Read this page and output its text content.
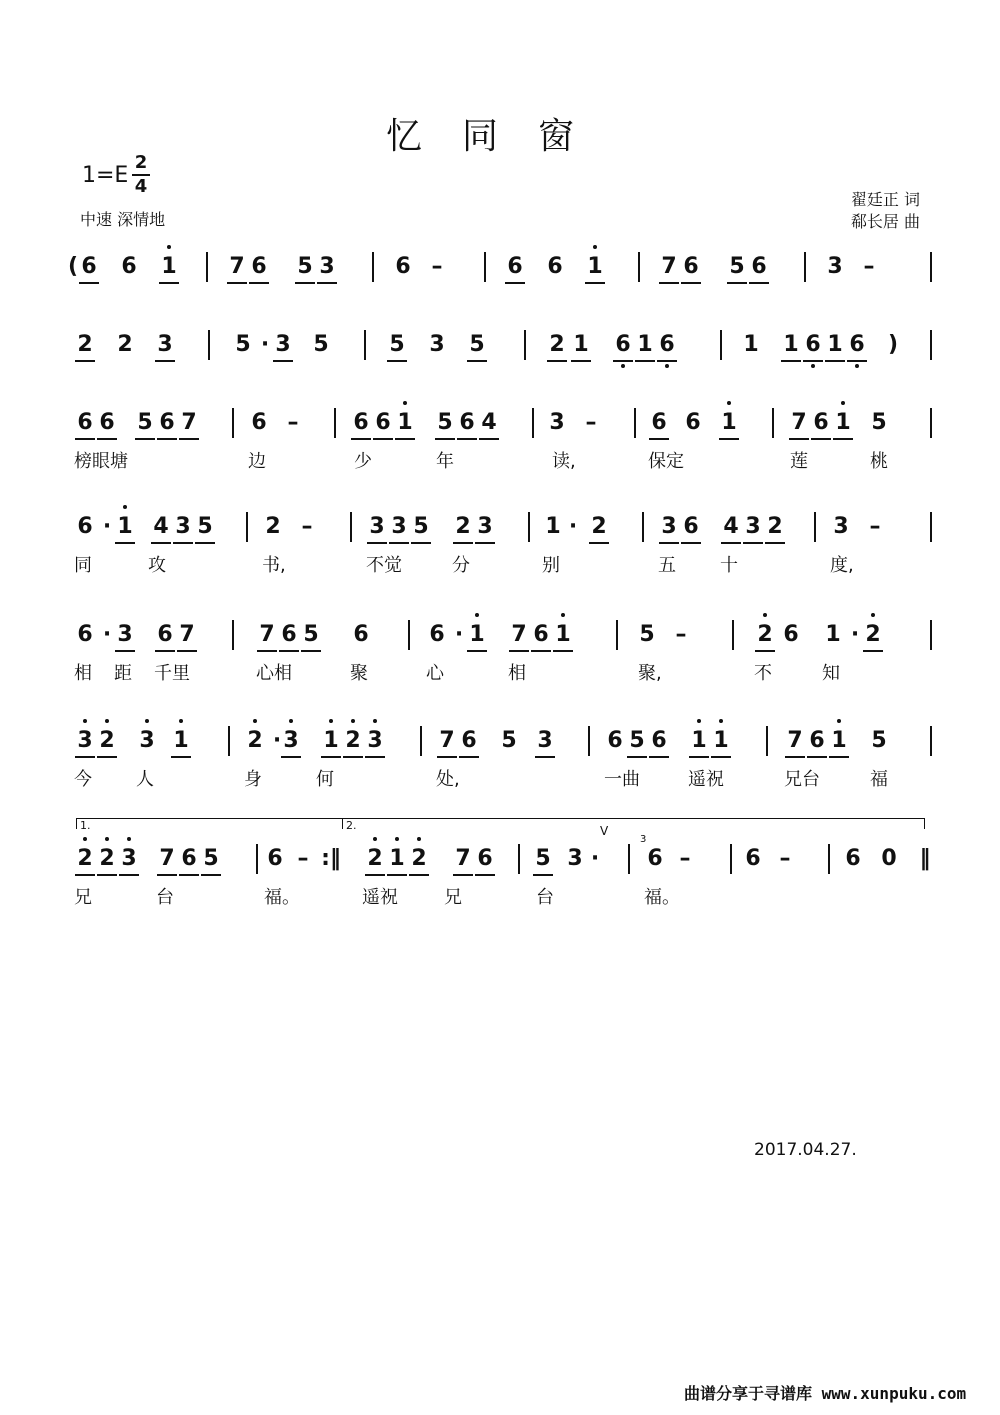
忆同窗
1=E
2
4
中速 深情地
翟廷正 词
郗长居 曲
( 6 6 1 7 6 5 3	6 –	6 6 1	7 6 5 6	3 –
2 2 3	5 · 3 5	5 3 5	2 1 6 1 6	1 1 6 1 6 )
6 6 5 6 7 6 – 6 6 1 5 6 4 3 – 6 6 1 7 6 1 5
榜眼塘	边	少	年	读,	保定	莲	桃
6 · 1 4 3 5 2 –	3 3 5 2 3 1 · 2 3 6 4 3 2 3 –
同	攻	书,	不觉	分	别	五 十	度,
6 · 3 6 7	7 6 5 6	6 · 1 7 6 1	5 –	2 6 1 · 2
相 距 千里	心相	聚	心	相	聚,	不	知
3 2 3 1	2 · 3 1 2 3	7 6 5 3 6 5 6 1 1	7 6 1 5
今 人	身	何	处,	一曲	遥祝	兄台	福
2 2 3 7 6 5 6 – :‖ 2 1 2 7 6 5 3 ·	6 – 6 – 6 0 ‖
兄	台	福。	遥祝	兄	台	福。
1.	2.	V
3
2017.04.27.
曲谱分享于寻谱库 www.xunpuku.com
